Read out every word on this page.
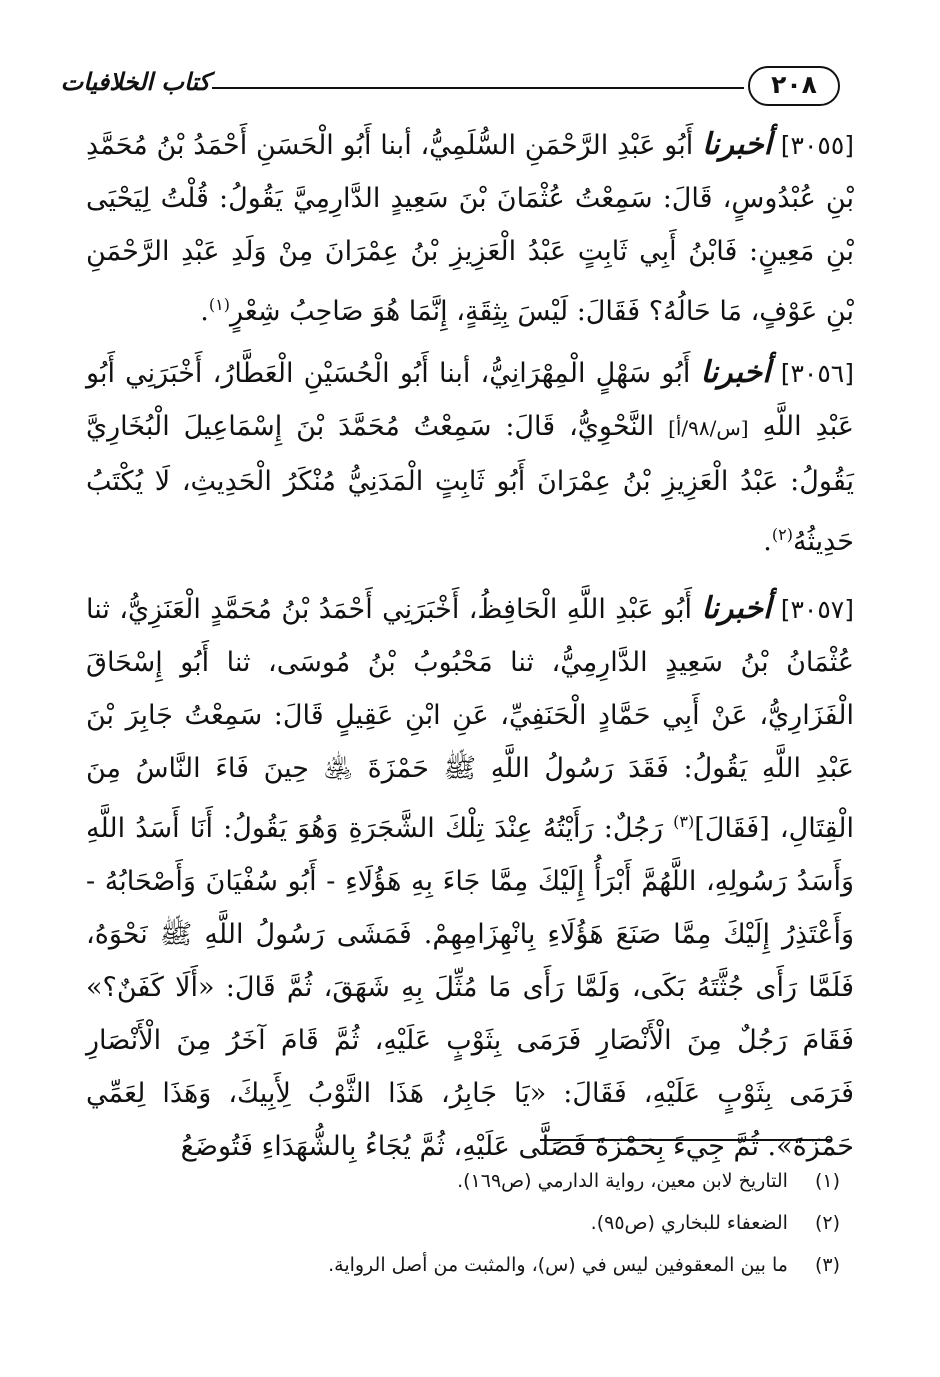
٢٠٨
كتاب الخلافيات

[٣٠٥٥] أخبرنا أَبُو عَبْدِ الرَّحْمَنِ السُّلَمِيُّ، أبنا أَبُو الْحَسَنِ أَحْمَدُ بْنُ مُحَمَّدِ بْنِ عُبْدُوسٍ، قَالَ: سَمِعْتُ عُثْمَانَ بْنَ سَعِيدٍ الدَّارِمِيَّ يَقُولُ: قُلْتُ لِيَحْيَى بْنِ مَعِينٍ: فَابْنُ أَبِي ثَابِتٍ عَبْدُ الْعَزِيزِ بْنُ عِمْرَانَ مِنْ وَلَدِ عَبْدِ الرَّحْمَنِ بْنِ عَوْفٍ، مَا حَالُهُ؟ فَقَالَ: لَيْسَ بِثِقَةٍ، إِنَّمَا هُوَ صَاحِبُ شِعْرٍ$^{(١)}$.

[٣٠٥٦] أخبرنا أَبُو سَهْلٍ الْمِهْرَانِيُّ، أبنا أَبُو الْحُسَيْنِ الْعَطَّارُ، أَخْبَرَنِي أَبُو عَبْدِ اللَّهِ [س/٩٨/أ] النَّحْوِيُّ، قَالَ: سَمِعْتُ مُحَمَّدَ بْنَ إِسْمَاعِيلَ الْبُخَارِيَّ يَقُولُ: عَبْدُ الْعَزِيزِ بْنُ عِمْرَانَ أَبُو ثَابِتٍ الْمَدَنِيُّ مُنْكَرُ الْحَدِيثِ، لَا يُكْتَبُ حَدِيثُهُ$^{(٢)}$.

[٣٠٥٧] أخبرنا أَبُو عَبْدِ اللَّهِ الْحَافِظُ، أَخْبَرَنِي أَحْمَدُ بْنُ مُحَمَّدٍ الْعَنَزِيُّ، ثنا عُثْمَانُ بْنُ سَعِيدٍ الدَّارِمِيُّ، ثنا مَحْبُوبُ بْنُ مُوسَى، ثنا أَبُو إِسْحَاقَ الْفَزَارِيُّ، عَنْ أَبِي حَمَّادٍ الْحَنَفِيِّ، عَنِ ابْنِ عَقِيلٍ قَالَ: سَمِعْتُ جَابِرَ بْنَ عَبْدِ اللَّهِ يَقُولُ: فَقَدَ رَسُولُ اللَّهِ ﷺ حَمْزَةَ ﵁ حِينَ فَاءَ النَّاسُ مِنَ الْقِتَالِ، [فَقَالَ]$^{(٣)}$ رَجُلٌ: رَأَيْتُهُ عِنْدَ تِلْكَ الشَّجَرَةِ وَهُوَ يَقُولُ: أَنَا أَسَدُ اللَّهِ وَأَسَدُ رَسُولِهِ، اللَّهُمَّ أَبْرَأُ إِلَيْكَ مِمَّا جَاءَ بِهِ هَؤُلَاءِ - أَبُو سُفْيَانَ وَأَصْحَابُهُ - وَأَعْتَذِرُ إِلَيْكَ مِمَّا صَنَعَ هَؤُلَاءِ بِانْهِزَامِهِمْ. فَمَشَى رَسُولُ اللَّهِ ﷺ نَحْوَهُ، فَلَمَّا رَأَى جُثَّتَهُ بَكَى، وَلَمَّا رَأَى مَا مُثِّلَ بِهِ شَهَقَ، ثُمَّ قَالَ: «أَلَا كَفَنٌ؟» فَقَامَ رَجُلٌ مِنَ الْأَنْصَارِ فَرَمَى بِثَوْبٍ عَلَيْهِ، ثُمَّ قَامَ آخَرُ مِنَ الْأَنْصَارِ فَرَمَى بِثَوْبٍ عَلَيْهِ، فَقَالَ: «يَا جَابِرُ، هَذَا الثَّوْبُ لِأَبِيكَ، وَهَذَا لِعَمِّي حَمْزَةَ». ثُمَّ جِيءَ بِحَمْزَةَ فَصَلَّى عَلَيْهِ، ثُمَّ يُجَاءُ بِالشُّهَدَاءِ فَتُوضَعُ

(١) التاريخ لابن معين، رواية الدارمي (ص١٦٩).
(٢) الضعفاء للبخاري (ص٩٥).
(٣) ما بين المعقوفين ليس في (س)، والمثبت من أصل الرواية.
